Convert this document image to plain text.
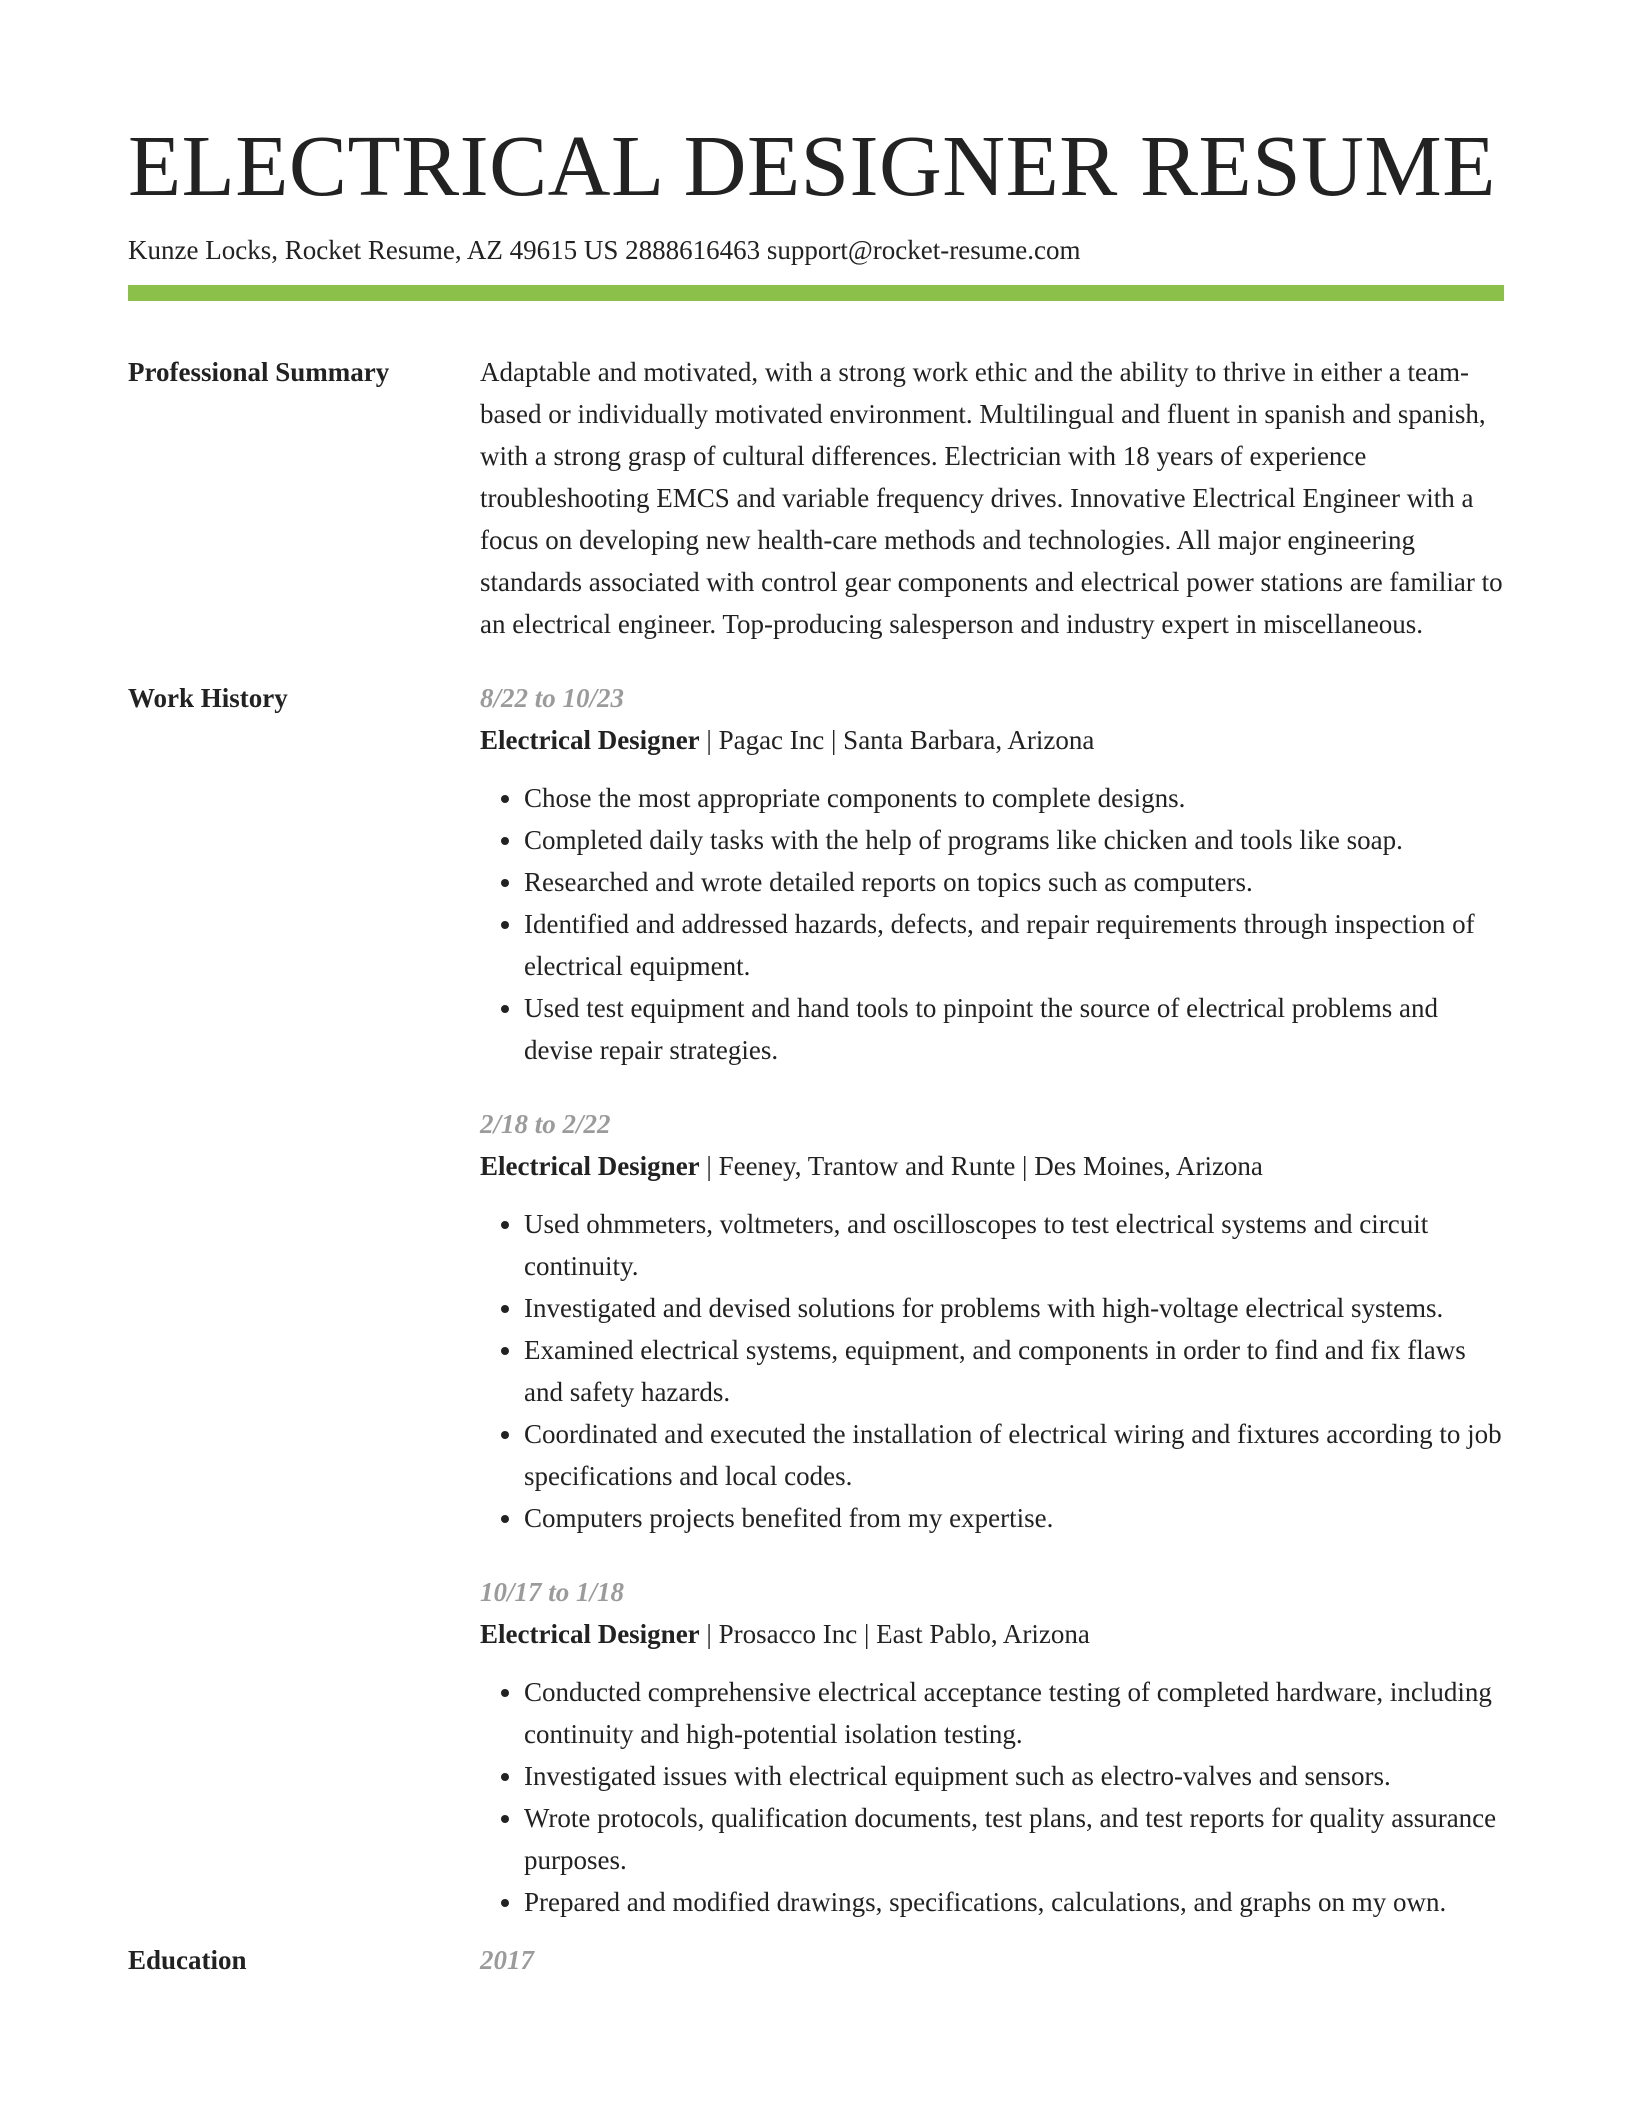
ELECTRICAL DESIGNER RESUME
Kunze Locks, Rocket Resume, AZ 49615 US 2888616463 support@rocket-resume.com
Professional Summary	Adaptable and motivated, with a strong work ethic and the ability to thrive in either a team-based or individually motivated environment. Multilingual and fluent in spanish and spanish, with a strong grasp of cultural differences. Electrician with 18 years of experience troubleshooting EMCS and variable frequency drives. Innovative Electrical Engineer with a focus on developing new health-care methods and technologies. All major engineering standards associated with control gear components and electrical power stations are familiar to an electrical engineer. Top-producing salesperson and industry expert in miscellaneous.

Work History	8/22 to 10/23
Electrical Designer | Pagac Inc | Santa Barbara, Arizona
• Chose the most appropriate components to complete designs.
• Completed daily tasks with the help of programs like chicken and tools like soap.
• Researched and wrote detailed reports on topics such as computers.
• Identified and addressed hazards, defects, and repair requirements through inspection of electrical equipment.
• Used test equipment and hand tools to pinpoint the source of electrical problems and devise repair strategies.
2/18 to 2/22
Electrical Designer | Feeney, Trantow and Runte | Des Moines, Arizona
• Used ohmmeters, voltmeters, and oscilloscopes to test electrical systems and circuit continuity.
• Investigated and devised solutions for problems with high-voltage electrical systems.
• Examined electrical systems, equipment, and components in order to find and fix flaws and safety hazards.
• Coordinated and executed the installation of electrical wiring and fixtures according to job specifications and local codes.
• Computers projects benefited from my expertise.
10/17 to 1/18
Electrical Designer | Prosacco Inc | East Pablo, Arizona
• Conducted comprehensive electrical acceptance testing of completed hardware, including continuity and high-potential isolation testing.
• Investigated issues with electrical equipment such as electro-valves and sensors.
• Wrote protocols, qualification documents, test plans, and test reports for quality assurance purposes.
• Prepared and modified drawings, specifications, calculations, and graphs on my own.
Education	2017
